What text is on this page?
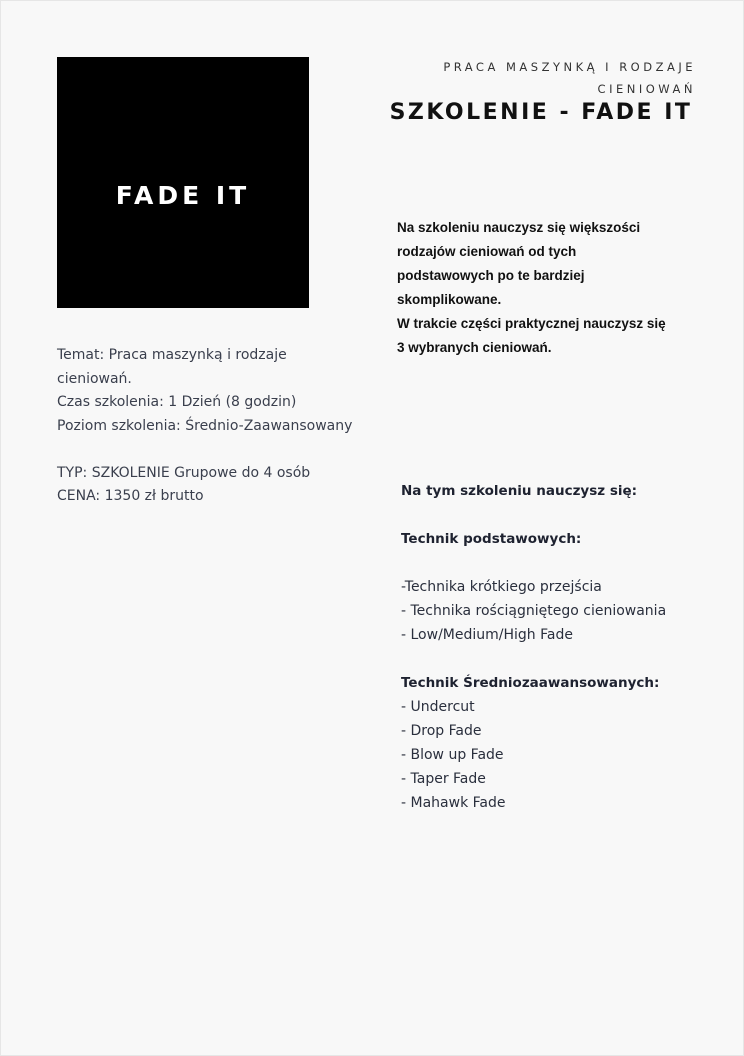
FADE IT
PRACA MASZYNKĄ I RODZAJE
CIENIOWAŃ
SZKOLENIE - FADE IT

Na szkoleniu nauczysz się większości

rodzajów cieniowań od tych

podstawowych po te bardziej

skomplikowane.

W trakcie części praktycznej nauczysz się

3 wybranych cieniowań.

Temat: Praca maszynką i rodzaje

cieniowań.

Czas szkolenia: 1 Dzień (8 godzin)

Poziom szkolenia: Średnio-Zaawansowany

TYP: SZKOLENIE Grupowe do 4 osób

CENA: 1350 zł brutto	Na tym szkoleniu nauczysz się:

Technik podstawowych:

-Technika krótkiego przejścia
- Technika rościągniętego cieniowania
- Low/Medium/High Fade

Technik Średniozaawansowanych:

- Undercut
- Drop Fade
- Blow up Fade
- Taper Fade
- Mahawk Fade
